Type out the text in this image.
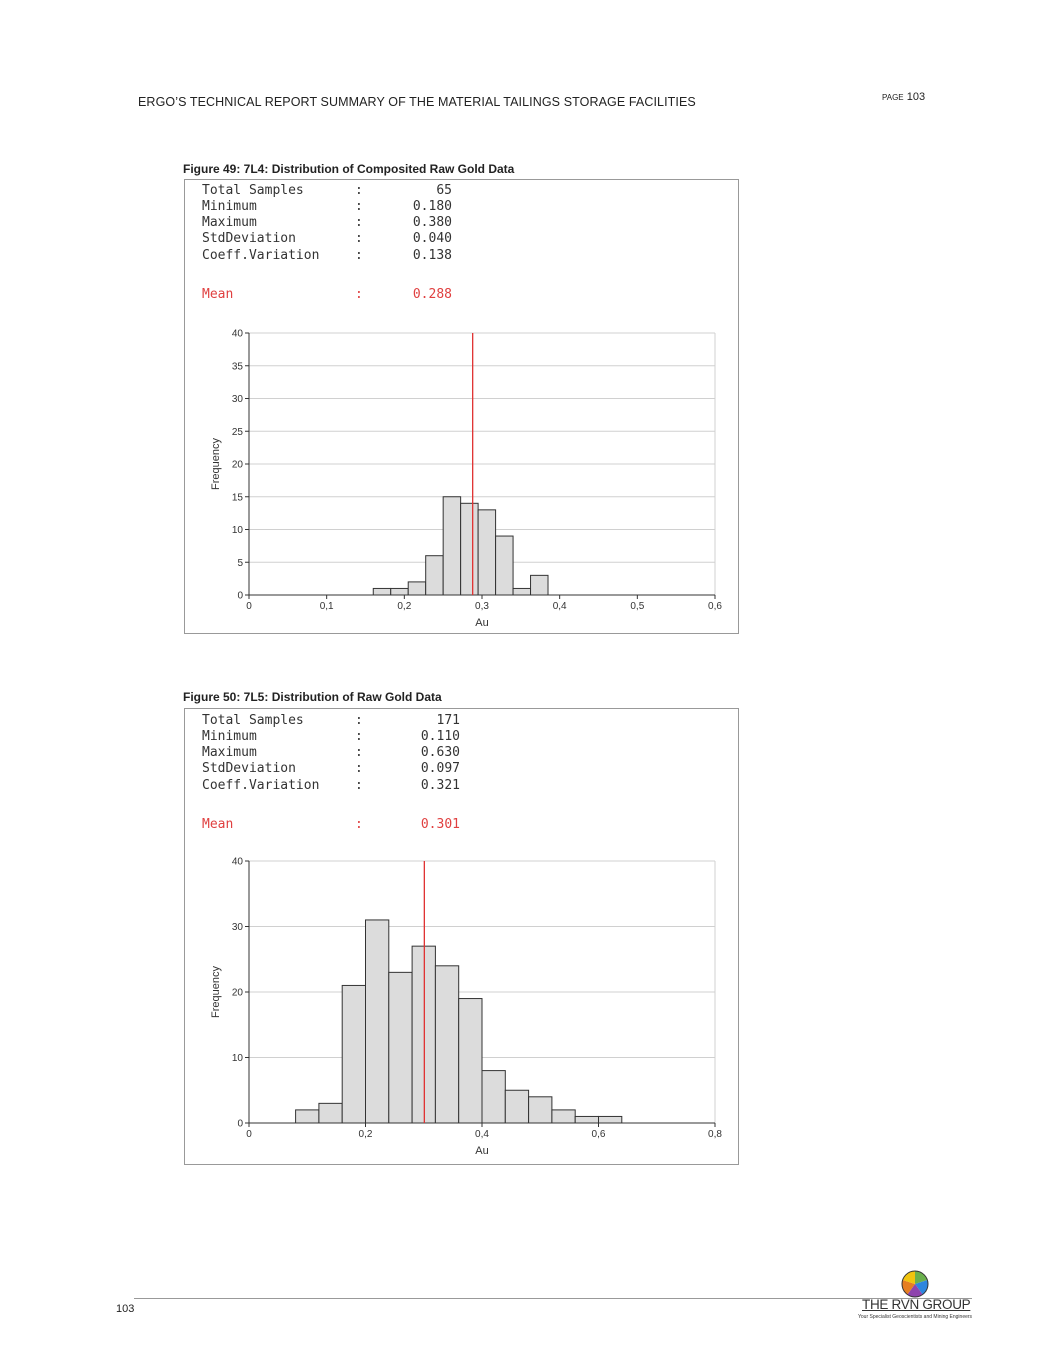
ERGO’S TECHNICAL REPORT SUMMARY OF THE MATERIAL TAILINGS STORAGE FACILITIES	PAGE 103
Figure 49: 7L4: Distribution of Composited Raw Gold Data
Total Samples	:	65
Minimum	:	0.180
Maximum	:	0.380
StdDeviation	:	0.040
Coeff.Variation	:	0.138
Mean	:	0.288
0
5
10
15
20
25
30
35
40
0	0,1	0,2	0,3	0,4	0,5	0,6
Au
Frequency
Figure 50: 7L5: Distribution of Raw Gold Data
Total Samples	:	171
Minimum	:	0.110
Maximum	:	0.630
StdDeviation	:	0.097
Coeff.Variation	:	0.321
Mean	:	0.301
0
10
20
30
40
0	0,2	0,4	0,6	0,8
Au
Frequency
103	THE RVN GROUP
Your Specialist Geoscientists and Mining Engineers
